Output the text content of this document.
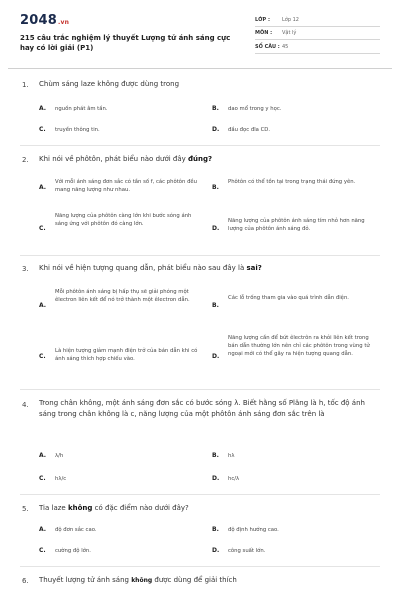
2048.vn
215 câu trắc nghiệm lý thuyết Lượng tử ánh sáng cực hay có lời giải (P1)
LỚP : Lớp 12
MÔN : Vật lý
SỐ CÂU : 45
1. Chùm sáng laze không được dùng trong
A. nguồn phát âm tần.	B. dao mổ trong y học.
C. truyền thông tin.	D. đầu đọc đĩa CD.
2. Khi nói về phôtôn, phát biểu nào dưới đây đúng?
A.
Với mỗi ánh sáng đơn sắc có tần số f, các phôtôn đều mang năng lượng như nhau.	B.
Phôtôn có thể tồn tại trong trạng thái đứng yên.
C.
Năng lượng của phôtôn càng lớn khi bước sóng ánh sáng ứng với phôtôn đó càng lớn.
D.
Năng lượng của phôtôn ánh sáng tím nhỏ hơn năng lượng của phôtôn ánh sáng đỏ.
3. Khi nói về hiện tượng quang dẫn, phát biểu nào sau đây là sai?
A.
Mỗi phôtôn ánh sáng bị hấp thụ sẽ giải phóng một êlectron liên kết để nó trở thành một êlectron dẫn.
B.
Các lỗ trống tham gia vào quá trình dẫn điện.
C.
Là hiện tượng giảm mạnh điện trở của bán dẫn khi có ánh sáng thích hợp chiếu vào.	D.
Năng lượng cần để bứt êlectrôn ra khỏi liên kết trong bán dẫn thường lớn nên chỉ các phôtôn trong vùng tử ngoại mới có thể gây ra hiện tượng quang dẫn.
4. Trong chân không, một ánh sáng đơn sắc có bước sóng λ. Biết hằng số Plăng là h, tốc độ ánh sáng trong chân không là c, năng lượng của một phôtôn ánh sáng đơn sắc trên là
A. λ/h	B. hλ
C. hλ/c	D. hc/λ
5. Tia laze không có đặc điểm nào dưới đây?
A. độ đơn sắc cao.	B. độ định hướng cao.
C. cường độ lớn.	D. công suất lớn.
6. Thuyết lượng tử ánh sáng không được dùng để giải thích
